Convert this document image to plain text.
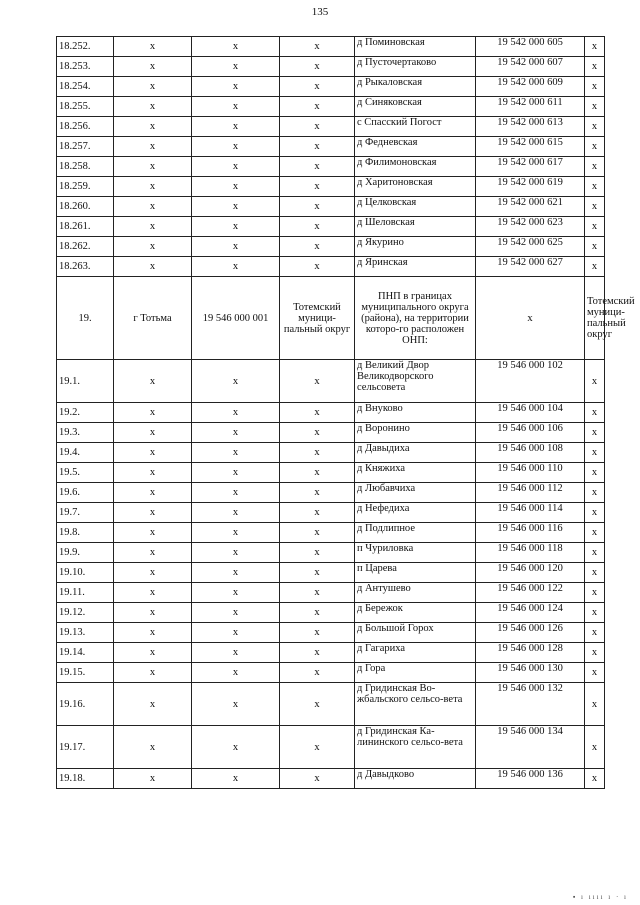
135
18.252.	x	x	x	д Поминовская	19 542 000 605	x
18.253.	x	x	x	д Пусточертаково	19 542 000 607	x
18.254.	x	x	x	д Рыкаловская	19 542 000 609	x
18.255.	x	x	x	д Синяковская	19 542 000 611	x
18.256.	x	x	x	с Спасский Погост	19 542 000 613	x
18.257.	x	x	x	д Федневская	19 542 000 615	x
18.258.	x	x	x	д Филимоновская	19 542 000 617	x
18.259.	x	x	x	д Харитоновская	19 542 000 619	x
18.260.	x	x	x	д Целковская	19 542 000 621	x
18.261.	x	x	x	д Шеловская	19 542 000 623	x
18.262.	x	x	x	д Якурино	19 542 000 625	x
18.263.	x	x	x	д Яринская	19 542 000 627	x
19.	г Тотьма	19 546 000 001	Тотемский муници-пальный округ	ПНП в границах муниципального округа (района), на территории которо-го расположен ОНП:	x	Тотемский муници-пальный округ
19.1.	x	x	x	д Великий Двор Великодворского сельсовета	19 546 000 102	x
19.2.	x	x	x	д Внуково	19 546 000 104	x
19.3.	x	x	x	д Воронино	19 546 000 106	x
19.4.	x	x	x	д Давыдиха	19 546 000 108	x
19.5.	x	x	x	д Княжиха	19 546 000 110	x
19.6.	x	x	x	д Любавчиха	19 546 000 112	x
19.7.	x	x	x	д Нефедиха	19 546 000 114	x
19.8.	x	x	x	д Подлипное	19 546 000 116	x
19.9.	x	x	x	п Чуриловка	19 546 000 118	x
19.10.	x	x	x	п Царева	19 546 000 120	x
19.11.	x	x	x	д Антушево	19 546 000 122	x
19.12.	x	x	x	д Бережок	19 546 000 124	x
19.13.	x	x	x	д Большой Горох	19 546 000 126	x
19.14.	x	x	x	д Гагариха	19 546 000 128	x
19.15.	x	x	x	д Гора	19 546 000 130	x
19.16.	x	x	x	д Гридинская Во-жбальского сельсо-вета	19 546 000 132	x
19.17.	x	x	x	д Гридинская Ка-лининского сельсо-вета	19 546 000 134	x
19.18.	x	x	x	д Давыдково	19 546 000 136	x
▪ ı ıııı ı · ı
